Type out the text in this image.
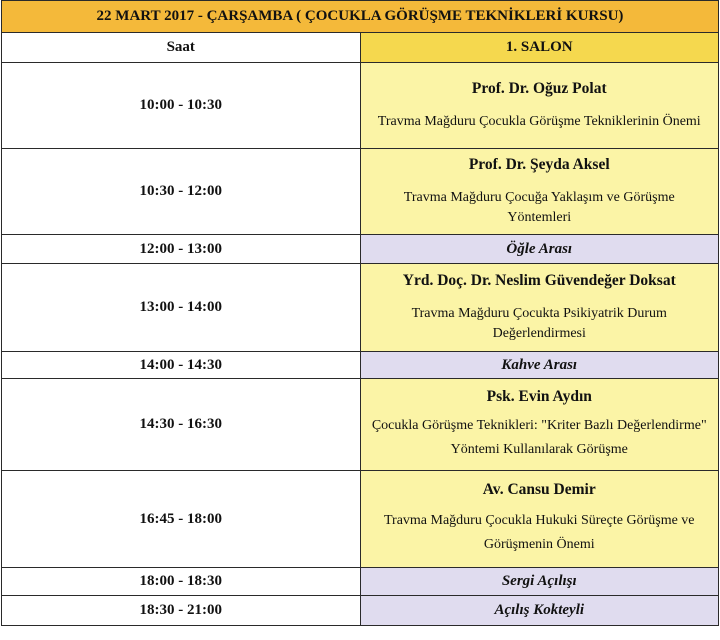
22 MART 2017 - ÇARŞAMBA ( ÇOCUKLA GÖRÜŞME TEKNİKLERİ KURSU)	
Saat	1. SALON
10:00 - 10:30	Prof. Dr. Oğuz Polat
Travma Mağduru Çocukla Görüşme Tekniklerinin Önemi

10:30 - 12:00	Prof. Dr. Şeyda Aksel
Travma Mağduru Çocuğa Yaklaşım ve Görüşme Yöntemleri

12:00 - 13:00	Öğle Arası
13:00 - 14:00	Yrd. Doç. Dr. Neslim Güvendeğer Doksat
Travma Mağduru Çocukta Psikiyatrik Durum Değerlendirmesi

14:00 - 14:30	Kahve Arası
14:30 - 16:30	Psk. Evin Aydın
Çocukla Görüşme Teknikleri: "Kriter Bazlı Değerlendirme" Yöntemi Kullanılarak Görüşme

16:45 - 18:00	Av. Cansu Demir
Travma Mağduru Çocukla Hukuki Süreçte Görüşme ve Görüşmenin Önemi

18:00 - 18:30	Sergi Açılışı
18:30 - 21:00	Açılış Kokteyli
